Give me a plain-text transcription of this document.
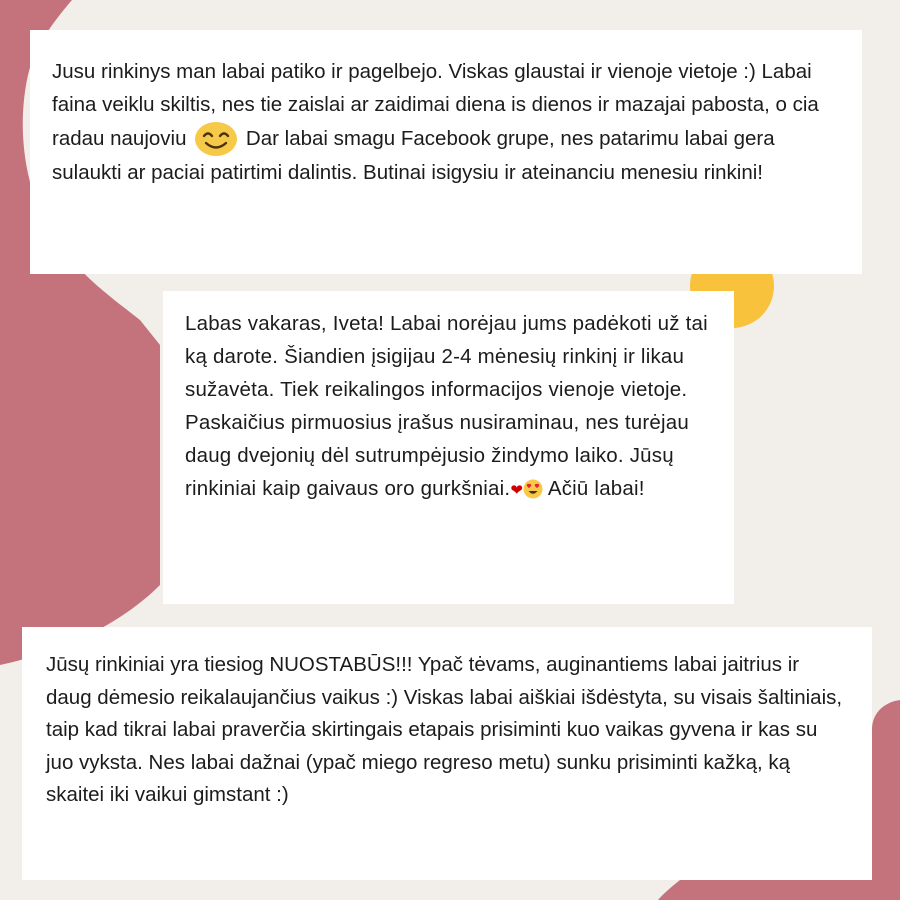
Jusu rinkinys man labai patiko ir pagelbejo. Viskas glaustai ir vienoje vietoje :) Labai faina veiklu skiltis, nes tie zaislai ar zaidimai diena is dienos ir mazajai pabosta, o cia radau naujoviu	Dar labai smagu Facebook grupe, nes patarimu labai gera sulaukti ar paciai patirtimi dalintis. Butinai isigysiu ir ateinanciu menesiu rinkini!

Labas vakaras, Iveta! Labai norėjau jums padėkoti už tai ką darote. Šiandien įsigijau 2-4 mėnesių rinkinį ir likau sužavėta. Tiek reikalingos informacijos vienoje vietoje. Paskaičius pirmuosius įrašus nusiraminau, nes turėjau daug dvejonių dėl sutrumpėjusio žindymo laiko. Jūsų rinkiniai kaip gaivaus oro gurkšniai.❤ Ačiū labai!

Jūsų rinkiniai yra tiesiog NUOSTABŪS!!! Ypač tėvams, auginantiems labai jaitrius ir daug dėmesio reikalaujančius vaikus :) Viskas labai aiškiai išdėstyta, su visais šaltiniais, taip kad tikrai labai praverčia skirtingais etapais prisiminti kuo vaikas gyvena ir kas su juo vyksta. Nes labai dažnai (ypač miego regreso metu) sunku prisiminti kažką, ką skaitei iki vaikui gimstant :)
